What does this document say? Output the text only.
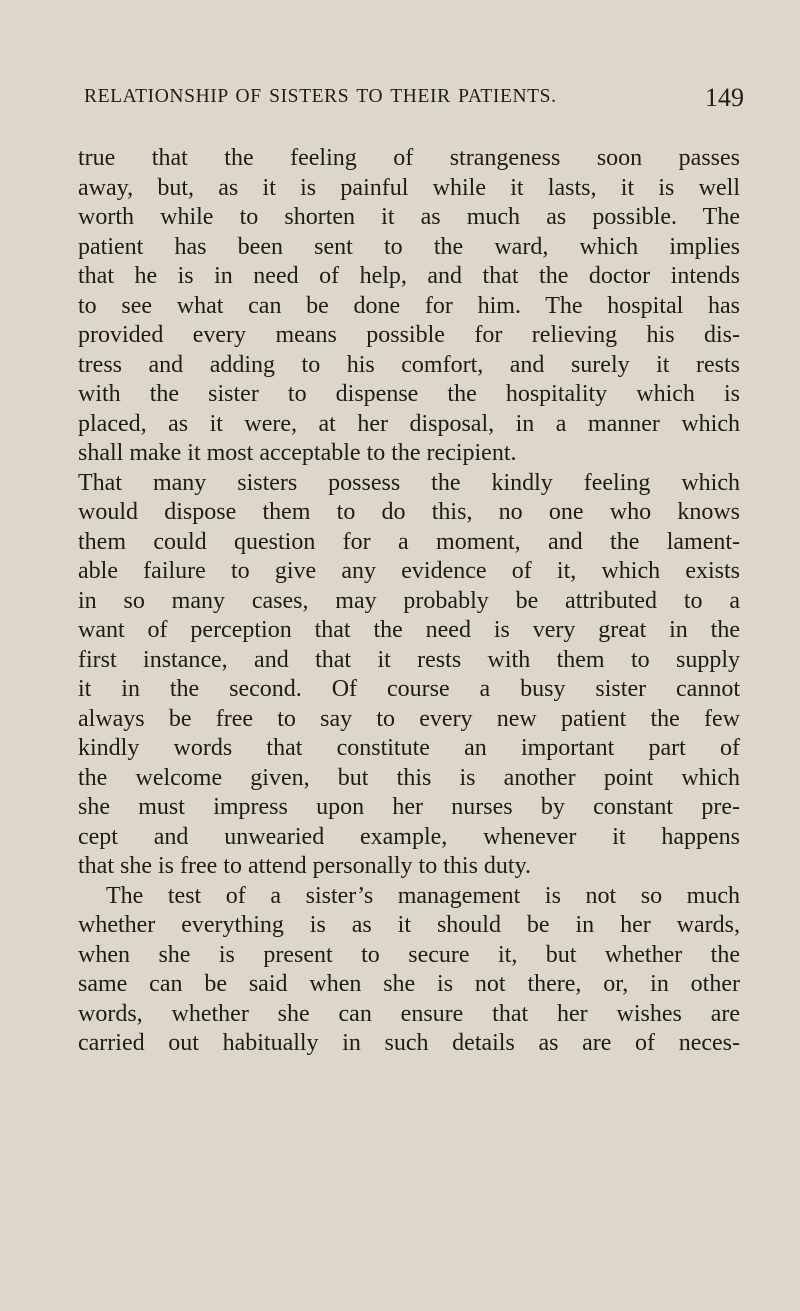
RELATIONSHIP OF SISTERS TO THEIR PATIENTS.	149
true that the feeling of strangeness soon passes
away, but, as it is painful while it lasts, it is well
worth while to shorten it as much as possible. The
patient has been sent to the ward, which implies
that he is in need of help, and that the doctor intends
to see what can be done for him. The hospital has
provided every means possible for relieving his dis-
tress and adding to his comfort, and surely it rests
with the sister to dispense the hospitality which is
placed, as it were, at her disposal, in a manner which
shall make it most acceptable to the recipient.
That many sisters possess the kindly feeling which
would dispose them to do this, no one who knows
them could question for a moment, and the lament-
able failure to give any evidence of it, which exists
in so many cases, may probably be attributed to a
want of perception that the need is very great in the
first instance, and that it rests with them to supply
it in the second. Of course a busy sister cannot
always be free to say to every new patient the few
kindly words that constitute an important part of
the welcome given, but this is another point which
she must impress upon her nurses by constant pre-
cept and unwearied example, whenever it happens
that she is free to attend personally to this duty.
The test of a sister’s management is not so much
whether everything is as it should be in her wards,
when she is present to secure it, but whether the
same can be said when she is not there, or, in other
words, whether she can ensure that her wishes are
carried out habitually in such details as are of neces-
